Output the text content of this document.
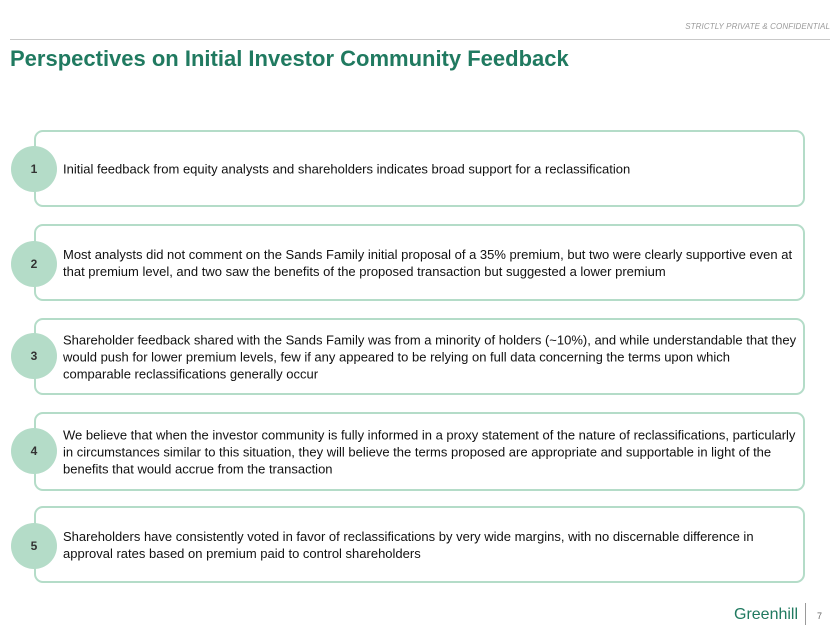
STRICTLY PRIVATE & CONFIDENTIAL
Perspectives on Initial Investor Community Feedback
Initial feedback from equity analysts and shareholders indicates broad support for a reclassification
1
Most analysts did not comment on the Sands Family initial proposal of a 35% premium, but two were clearly supportive even at that premium level, and two saw the benefits of the proposed transaction but suggested a lower premium
2
Shareholder feedback shared with the Sands Family was from a minority of holders (~10%), and while understandable that they would push for lower premium levels, few if any appeared to be relying on full data concerning the terms upon which comparable reclassifications generally occur
3
We believe that when the investor community is fully informed in a proxy statement of the nature of reclassifications, particularly in circumstances similar to this situation, they will believe the terms proposed are appropriate and supportable in light of the benefits that would accrue from the transaction
4
Shareholders have consistently voted in favor of reclassifications by very wide margins, with no discernable difference in approval rates based on premium paid to control shareholders
5
Greenhill 7
